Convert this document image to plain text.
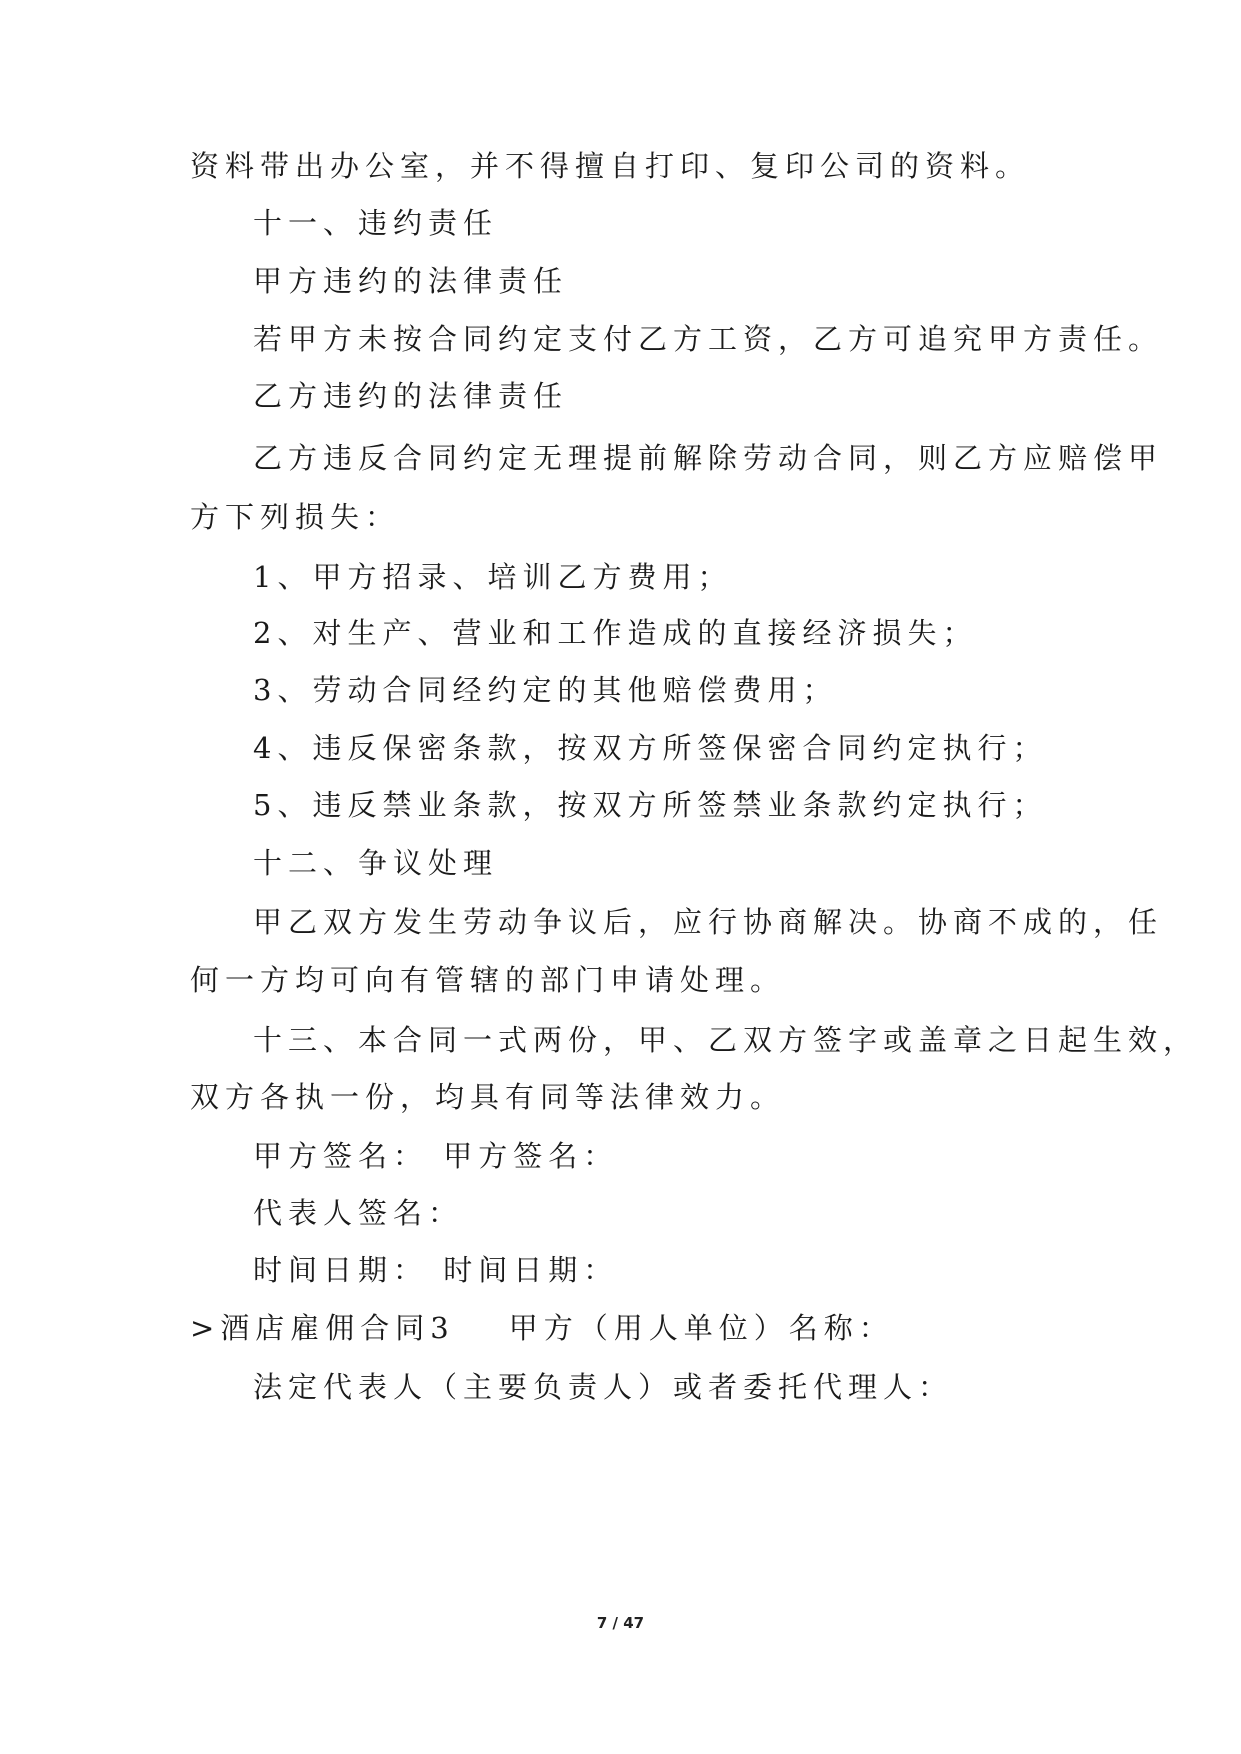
资料带出办公室，并不得擅自打印、复印公司的资料。
十一、违约责任
甲方违约的法律责任
若甲方未按合同约定支付乙方工资，乙方可追究甲方责任。
乙方违约的法律责任
乙方违反合同约定无理提前解除劳动合同，则乙方应赔偿甲
方下列损失：
1、甲方招录、培训乙方费用；
2、对生产、营业和工作造成的直接经济损失；
3、劳动合同经约定的其他赔偿费用；
4、违反保密条款，按双方所签保密合同约定执行；
5、违反禁业条款，按双方所签禁业条款约定执行；
十二、争议处理
甲乙双方发生劳动争议后，应行协商解决。协商不成的，任
何一方均可向有管辖的部门申请处理。
十三、本合同一式两份，甲、乙双方签字或盖章之日起生效，
双方各执一份，均具有同等法律效力。
甲方签名： 甲方签名：
代表人签名：
时间日期： 时间日期：
>酒店雇佣合同3 甲方（用人单位）名称：
法定代表人（主要负责人）或者委托代理人：
7 / 47
